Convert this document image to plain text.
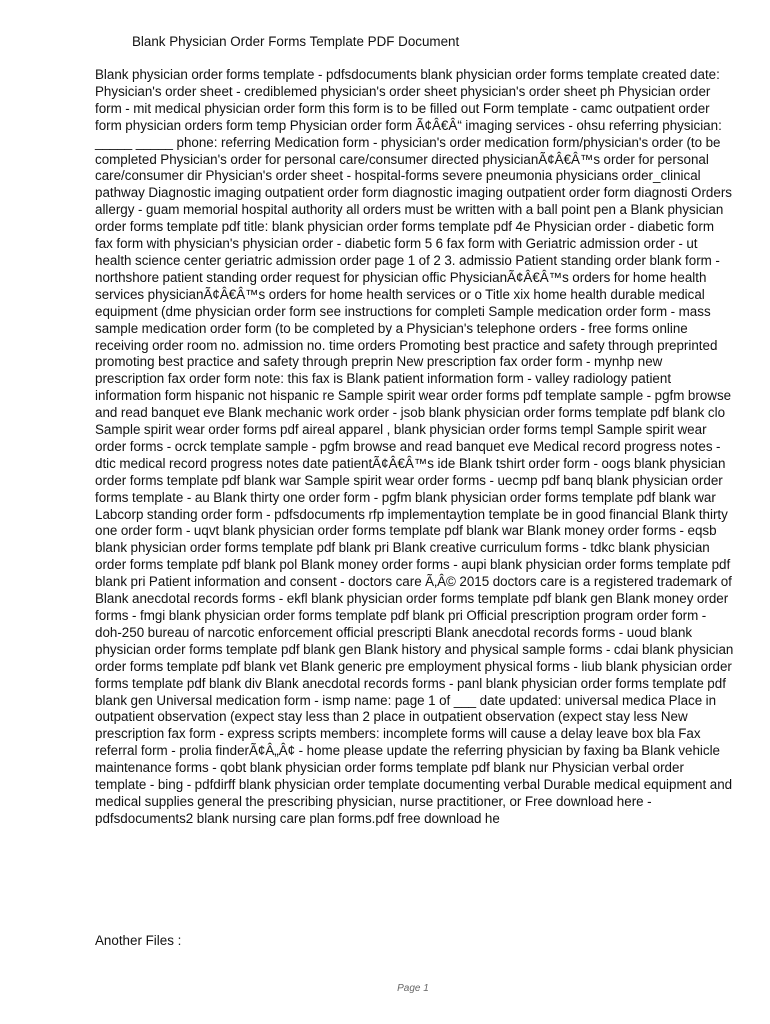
Blank Physician Order Forms Template PDF Document

Blank physician order forms template - pdfsdocuments blank physician order forms template created date: Physician's order sheet - crediblemed physician's order sheet physician's order sheet ph Physician order form - mit medical physician order form this form is to be filled out Form template - camc outpatient order form physician orders form temp Physician order form Ã¢Â€Â“ imaging services - ohsu referring physician: _____ _____ phone: referring Medication form - physician's order medication form/physician's order (to be completed Physician's order for personal care/consumer directed physicianÃ¢Â€Â™s order for personal care/consumer dir Physician's order sheet - hospital-forms severe pneumonia physicians order_clinical pathway Diagnostic imaging outpatient order form diagnostic imaging outpatient order form diagnosti Orders allergy - guam memorial hospital authority all orders must be written with a ball point pen a Blank physician order forms template pdf title: blank physician order forms template pdf 4e Physician order - diabetic form fax form with physician's physician order - diabetic form 5 6 fax form with Geriatric admission order - ut health science center geriatric admission order page 1 of 2 3. admissio Patient standing order blank form - northshore patient standing order request for physician offic PhysicianÃ¢Â€Â™s orders for home health services physicianÃ¢Â€Â™s orders for home health services or o Title xix home health durable medical equipment (dme physician order form see instructions for completi Sample medication order form - mass sample medication order form (to be completed by a Physician's telephone orders - free forms online receiving order room no. admission no. time orders Promoting best practice and safety through preprinted promoting best practice and safety through preprin New prescription fax order form - mynhp new prescription fax order form note: this fax is Blank patient information form - valley radiology patient information form hispanic not hispanic re Sample spirit wear order forms pdf template sample - pgfm browse and read banquet eve Blank mechanic work order - jsob blank physician order forms template pdf blank clo Sample spirit wear order forms pdf aireal apparel , blank physician order forms templ Sample spirit wear order forms - ocrck template sample - pgfm browse and read banquet eve Medical record progress notes - dtic medical record progress notes date patientÃ¢Â€Â™s ide Blank tshirt order form - oogs blank physician order forms template pdf blank war Sample spirit wear order forms - uecmp pdf banq blank physician order forms template - au Blank thirty one order form - pgfm blank physician order forms template pdf blank war Labcorp standing order form - pdfsdocuments rfp implementaytion template be in good financial Blank thirty one order form - uqvt blank physician order forms template pdf blank war Blank money order forms - eqsb blank physician order forms template pdf blank pri Blank creative curriculum forms - tdkc blank physician order forms template pdf blank pol Blank money order forms - aupi blank physician order forms template pdf blank pri Patient information and consent - doctors care Ã‚Â© 2015 doctors care is a registered trademark of Blank anecdotal records forms - ekfl blank physician order forms template pdf blank gen Blank money order forms - fmgi blank physician order forms template pdf blank pri Official prescription program order form - doh-250 bureau of narcotic enforcement official prescripti Blank anecdotal records forms - uoud blank physician order forms template pdf blank gen Blank history and physical sample forms - cdai blank physician order forms template pdf blank vet Blank generic pre employment physical forms - liub blank physician order forms template pdf blank div Blank anecdotal records forms - panl blank physician order forms template pdf blank gen Universal medication form - ismp name: page 1 of ___ date updated: universal medica Place in outpatient observation (expect stay less than 2 place in outpatient observation (expect stay less New prescription fax form - express scripts members: incomplete forms will cause a delay leave box bla Fax referral form - prolia finderÃ¢Â„Â¢ - home please update the referring physician by faxing ba Blank vehicle maintenance forms - qobt blank physician order forms template pdf blank nur Physician verbal order template - bing - pdfdirff blank physician order template documenting verbal Durable medical equipment and medical supplies general the prescribing physician, nurse practitioner, or Free download here - pdfsdocuments2 blank nursing care plan forms.pdf free download he

Another Files :
Page 1
